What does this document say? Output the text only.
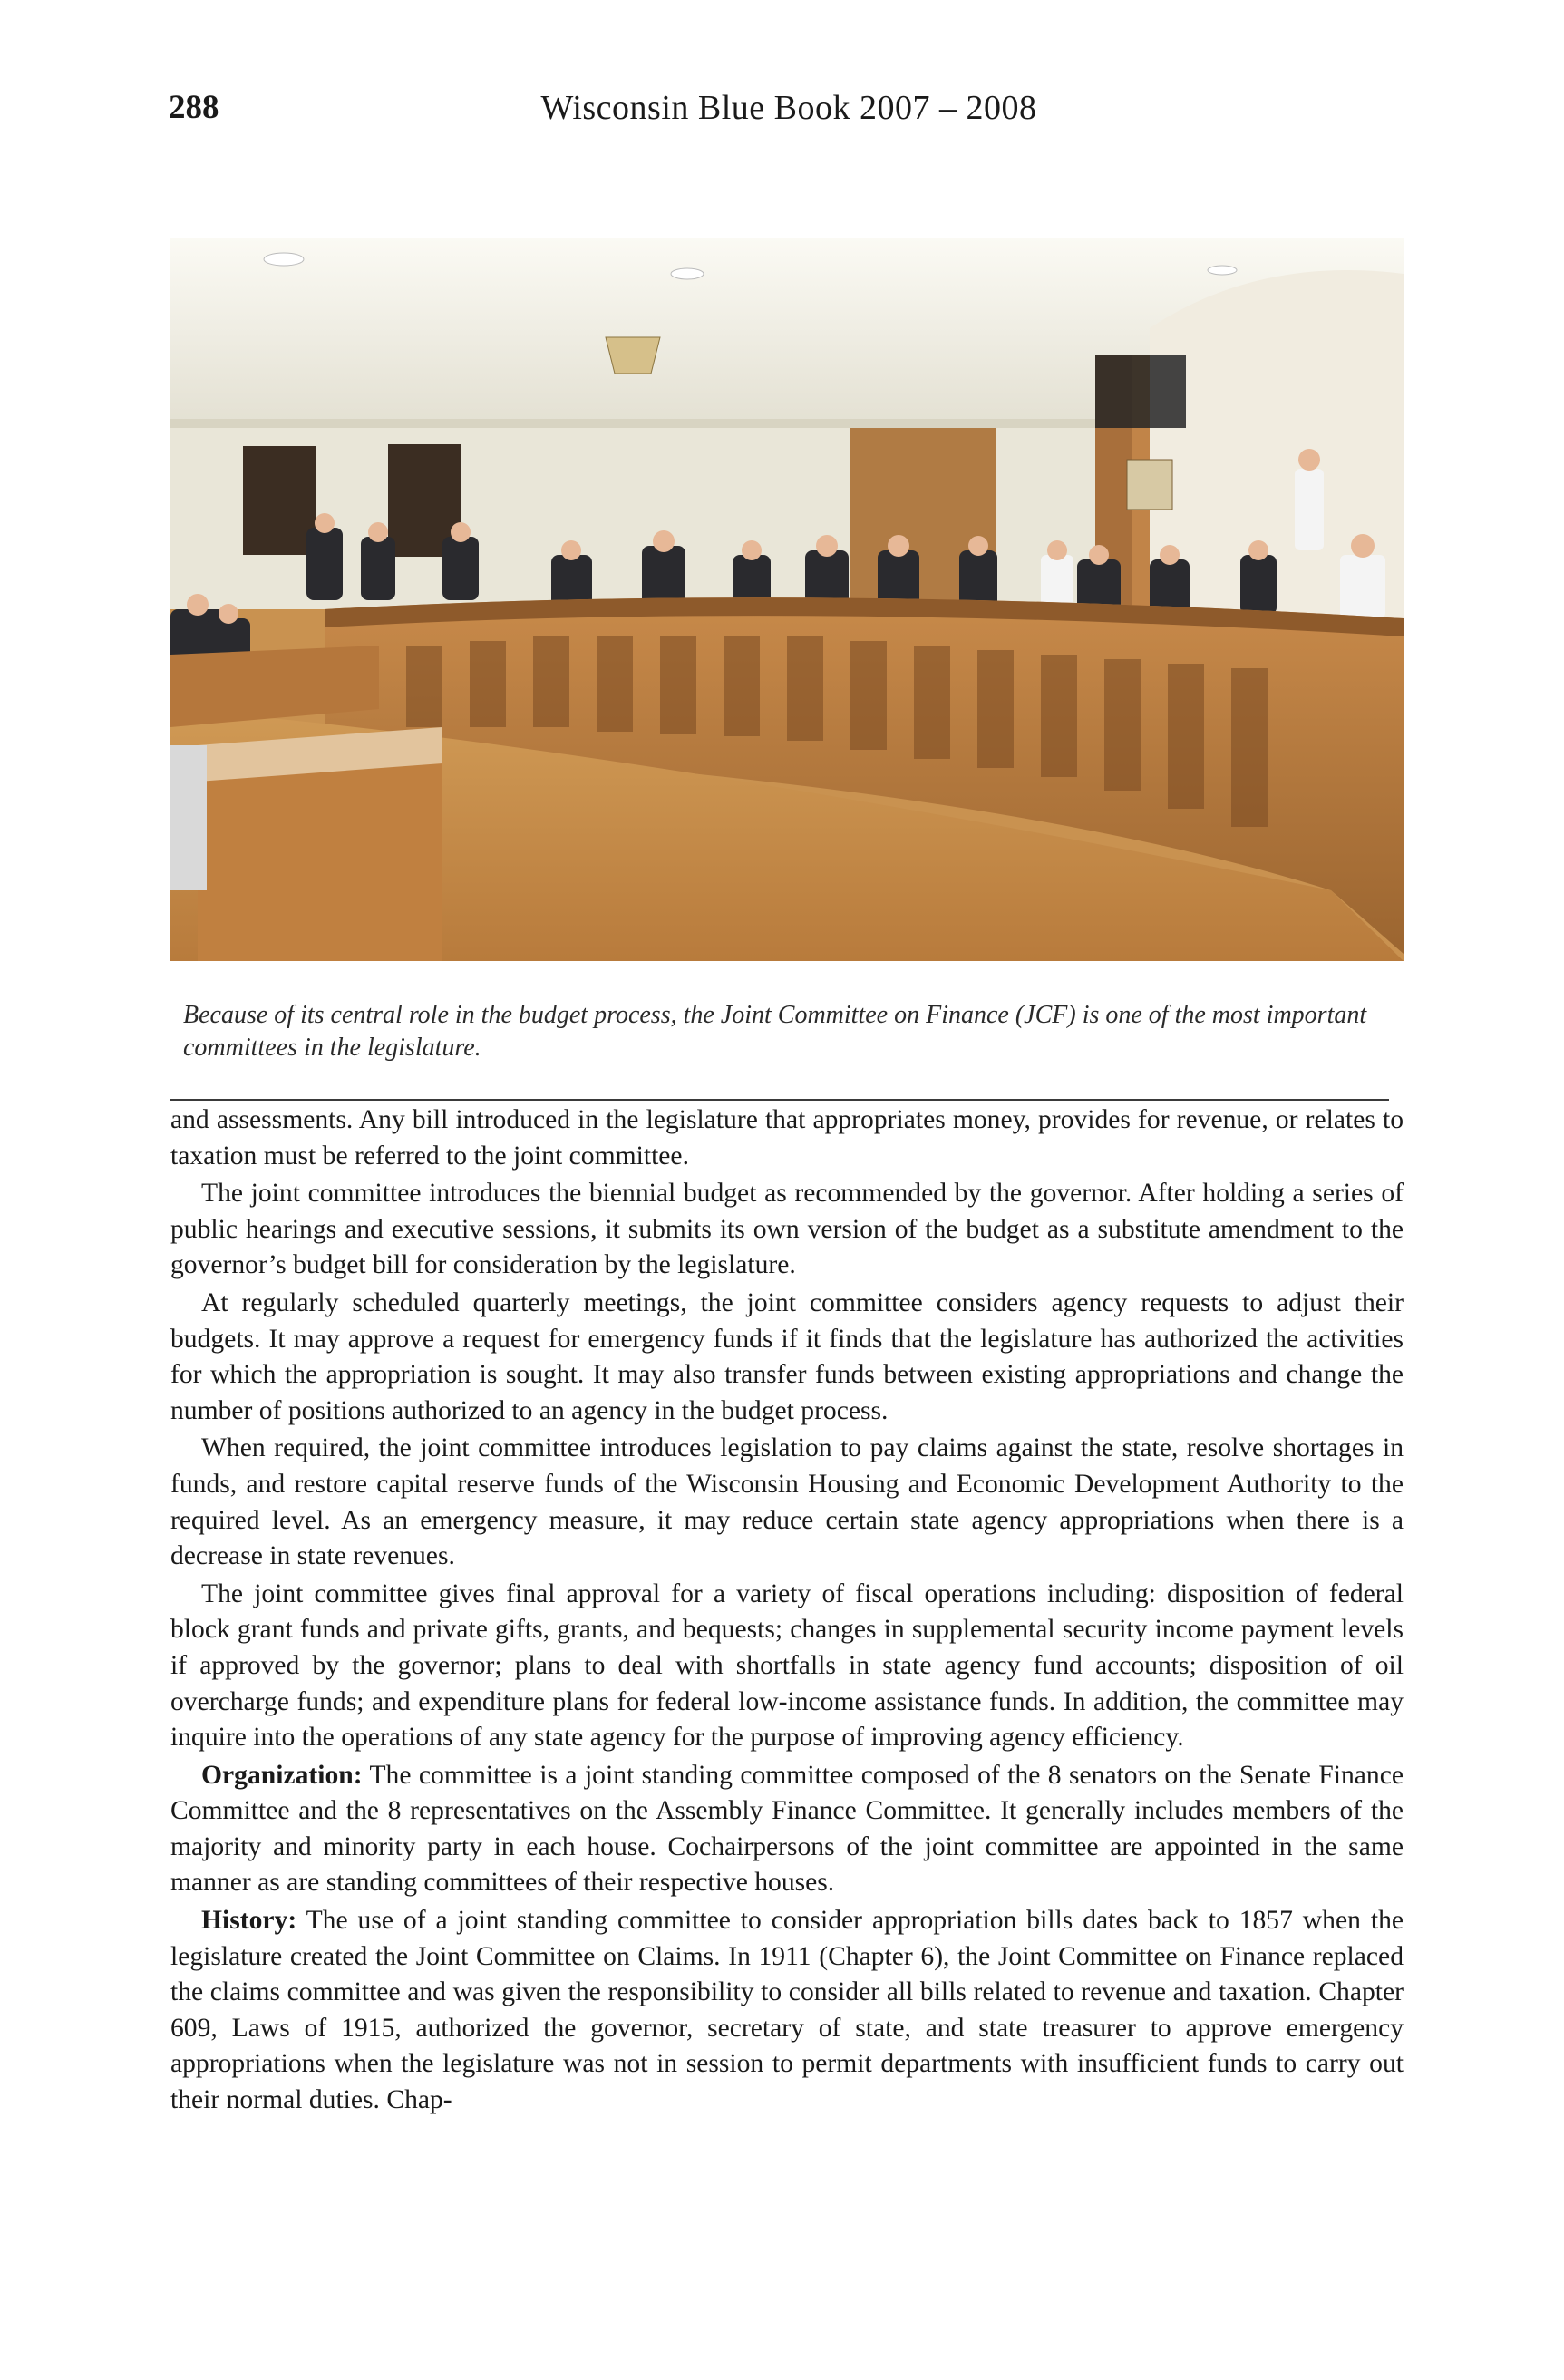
288	Wisconsin Blue Book 2007 – 2008
Because of its central role in the budget process, the Joint Committee on Finance (JCF) is one of the most important committees in the legislature.

and assessments. Any bill introduced in the legislature that appropriates money, provides for revenue, or relates to taxation must be referred to the joint committee.

The joint committee introduces the biennial budget as recommended by the governor. After holding a series of public hearings and executive sessions, it submits its own version of the budget as a substitute amendment to the governor’s budget bill for consideration by the legislature.

At regularly scheduled quarterly meetings, the joint committee considers agency requests to adjust their budgets. It may approve a request for emergency funds if it finds that the legislature has authorized the activities for which the appropriation is sought. It may also transfer funds between existing appropriations and change the number of positions authorized to an agency in the budget process.

When required, the joint committee introduces legislation to pay claims against the state, resolve shortages in funds, and restore capital reserve funds of the Wisconsin Housing and Economic Development Authority to the required level. As an emergency measure, it may reduce certain state agency appropriations when there is a decrease in state revenues.

The joint committee gives final approval for a variety of fiscal operations including: disposition of federal block grant funds and private gifts, grants, and bequests; changes in supplemental security income payment levels if approved by the governor; plans to deal with shortfalls in state agency fund accounts; disposition of oil overcharge funds; and expenditure plans for federal low-income assistance funds. In addition, the committee may inquire into the operations of any state agency for the purpose of improving agency efficiency.

Organization: The committee is a joint standing committee composed of the 8 senators on the Senate Finance Committee and the 8 representatives on the Assembly Finance Committee. It generally includes members of the majority and minority party in each house. Cochairpersons of the joint committee are appointed in the same manner as are standing committees of their respective houses.

History: The use of a joint standing committee to consider appropriation bills dates back to 1857 when the legislature created the Joint Committee on Claims. In 1911 (Chapter 6), the Joint Committee on Finance replaced the claims committee and was given the responsibility to consider all bills related to revenue and taxation. Chapter 609, Laws of 1915, authorized the governor, secretary of state, and state treasurer to approve emergency appropriations when the legislature was not in session to permit departments with insufficient funds to carry out their normal duties. Chap-
